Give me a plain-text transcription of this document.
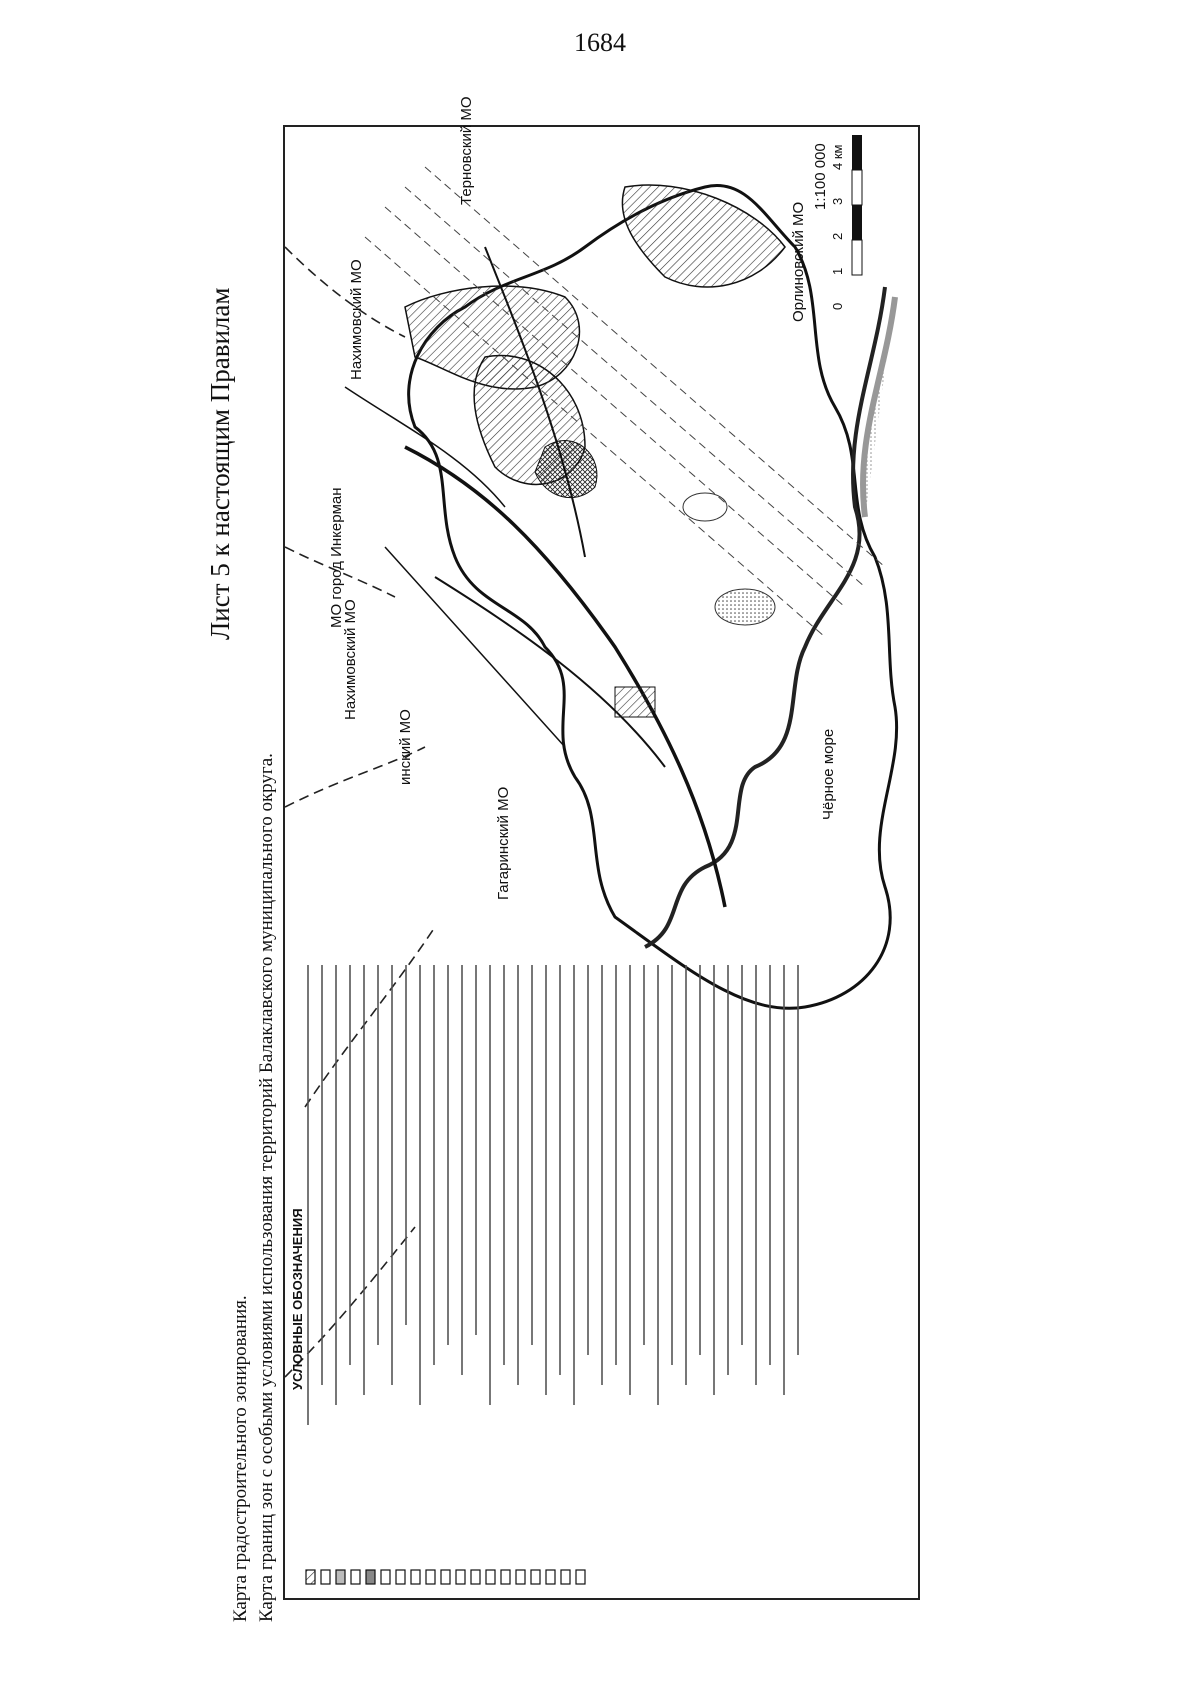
1684
Лист 5 к настоящим Правилам
Карта градостроительного зонирования. Карта границ зон с особыми условиями использования территорий Балаклавского муниципального округа.
Нахимовский МО
Терновский МО
МО город Инкерман
Нахимовский МО
инский МО
Гагаринский МО
Чёрное море
Орлиновский МО
1:100 000
0
1
2
3
4 км
УСЛОВНЫЕ ОБОЗНАЧЕНИЯ
